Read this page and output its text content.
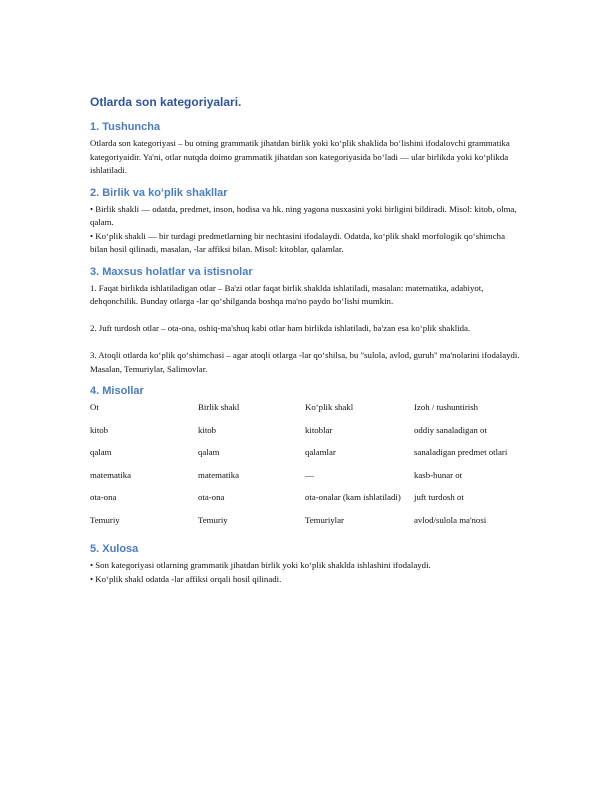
Otlarda son kategoriyalari.
1. Tushuncha

Otlarda son kategoriyasi – bu otning grammatik jihatdan birlik yoki koʻplik shaklida boʻlishini ifodalovchi grammatika kategoriyaidir. Ya'ni, otlar nutqda doimo grammatik jihatdan son kategoriyasida boʻladi — ular birlikda yoki koʻplikda ishlatiladi.

2. Birlik va koʻplik shakllar

• Birlik shakli — odatda, predmet, inson, hodisa va hk. ning yagona nusxasini yoki birligini bildiradi. Misol: kitob, olma, qalam.

• Koʻplik shakli — bir turdagi predmetlarning bir nechtasini ifodalaydi. Odatda, koʻplik shakl morfologik qoʻshimcha bilan hosil qilinadi, masalan, -lar affiksi bilan. Misol: kitoblar, qalamlar.

3. Maxsus holatlar va istisnolar

1. Faqat birlikda ishlatiladigan otlar – Ba'zi otlar faqat birlik shaklda ishlatiladi, masalan: matematika, adabiyot, dehqonchilik. Bunday otlarga -lar qoʻshilganda boshqa ma'no paydo boʻlishi mumkin.

2. Juft turdosh otlar – ota-ona, oshiq-ma'shuq kabi otlar ham birlikda ishlatiladi, ba'zan esa koʻplik shaklida.

3. Atoqli otlarda koʻplik qoʻshimchasi – agar atoqli otlarga -lar qoʻshilsa, bu "sulola, avlod, guruh" ma'nolarini ifodalaydi. Masalan, Temuriylar, Salimovlar.

4. Misollar
Ot	Birlik shakl	Koʻplik shakl	Izoh / tushuntirish
kitob	kitob	kitoblar	oddiy sanaladigan ot
qalam	qalam	qalamlar	sanaladigan predmet otlari
matematika	matematika	—	kasb-hunar ot
ota-ona	ota-ona	ota-onalar (kam ishlatiladi)	juft turdosh ot
Temuriy	Temuriy	Temuriylar	avlod/sulola ma'nosi
5. Xulosa

• Son kategoriyasi otlarning grammatik jihatdan birlik yoki koʻplik shaklda ishlashini ifodalaydi.

• Koʻplik shakl odatda -lar affiksi orqali hosil qilinadi.
